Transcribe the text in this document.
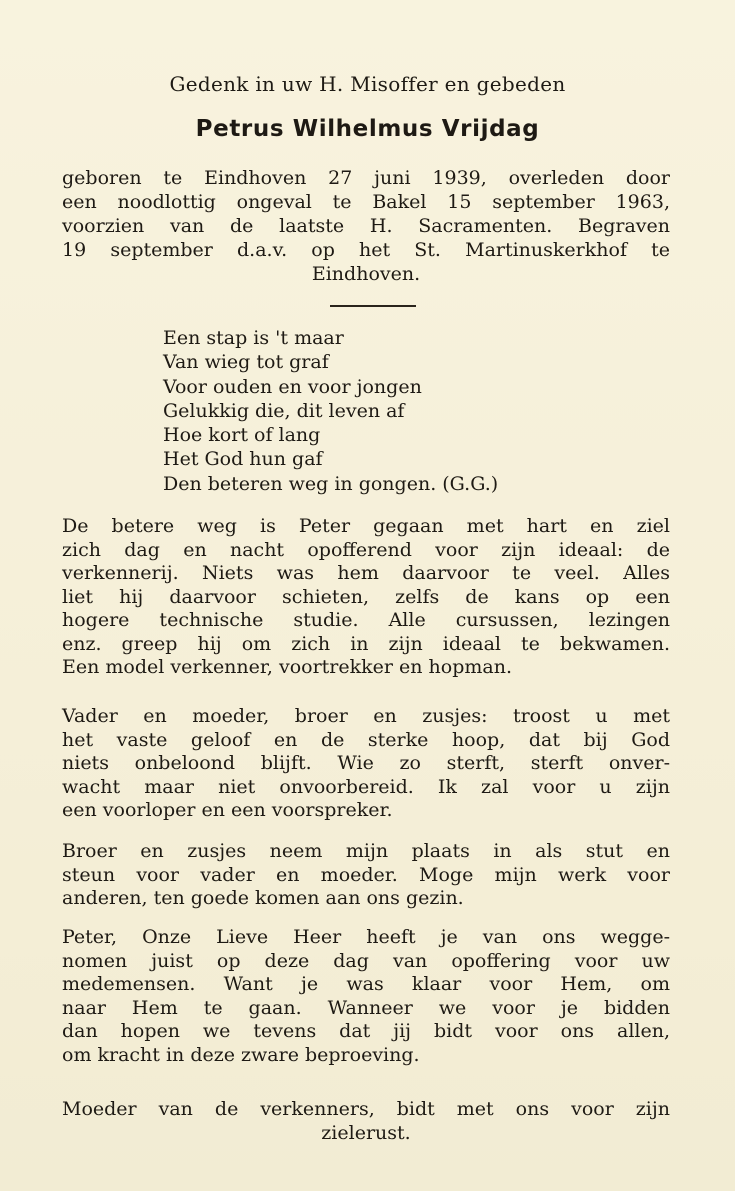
Gedenk in uw H. Misoffer en gebeden
Petrus Wilhelmus Vrijdag
geboren te Eindhoven 27 juni 1939, overleden door
een noodlottig ongeval te Bakel 15 september 1963,
voorzien van de laatste H. Sacramenten. Begraven
19 september d.a.v. op het St. Martinuskerkhof te
Eindhoven.
Een stap is 't maar
Van wieg tot graf
Voor ouden en voor jongen
Gelukkig die, dit leven af
Hoe kort of lang
Het God hun gaf
Den beteren weg in gongen. (G.G.)
De betere weg is Peter gegaan met hart en ziel
zich dag en nacht opofferend voor zijn ideaal: de
verkennerij. Niets was hem daarvoor te veel. Alles
liet hij daarvoor schieten, zelfs de kans op een
hogere technische studie. Alle cursussen, lezingen
enz. greep hij om zich in zijn ideaal te bekwamen.
Een model verkenner, voortrekker en hopman.
Vader en moeder, broer en zusjes: troost u met
het vaste geloof en de sterke hoop, dat bij God
niets onbeloond blijft. Wie zo sterft, sterft onver-
wacht maar niet onvoorbereid. Ik zal voor u zijn
een voorloper en een voorspreker.
Broer en zusjes neem mijn plaats in als stut en
steun voor vader en moeder. Moge mijn werk voor
anderen, ten goede komen aan ons gezin.
Peter, Onze Lieve Heer heeft je van ons wegge-
nomen juist op deze dag van opoffering voor uw
medemensen. Want je was klaar voor Hem, om
naar Hem te gaan. Wanneer we voor je bidden
dan hopen we tevens dat jij bidt voor ons allen,
om kracht in deze zware beproeving.
Moeder van de verkenners, bidt met ons voor zijn
zielerust.
